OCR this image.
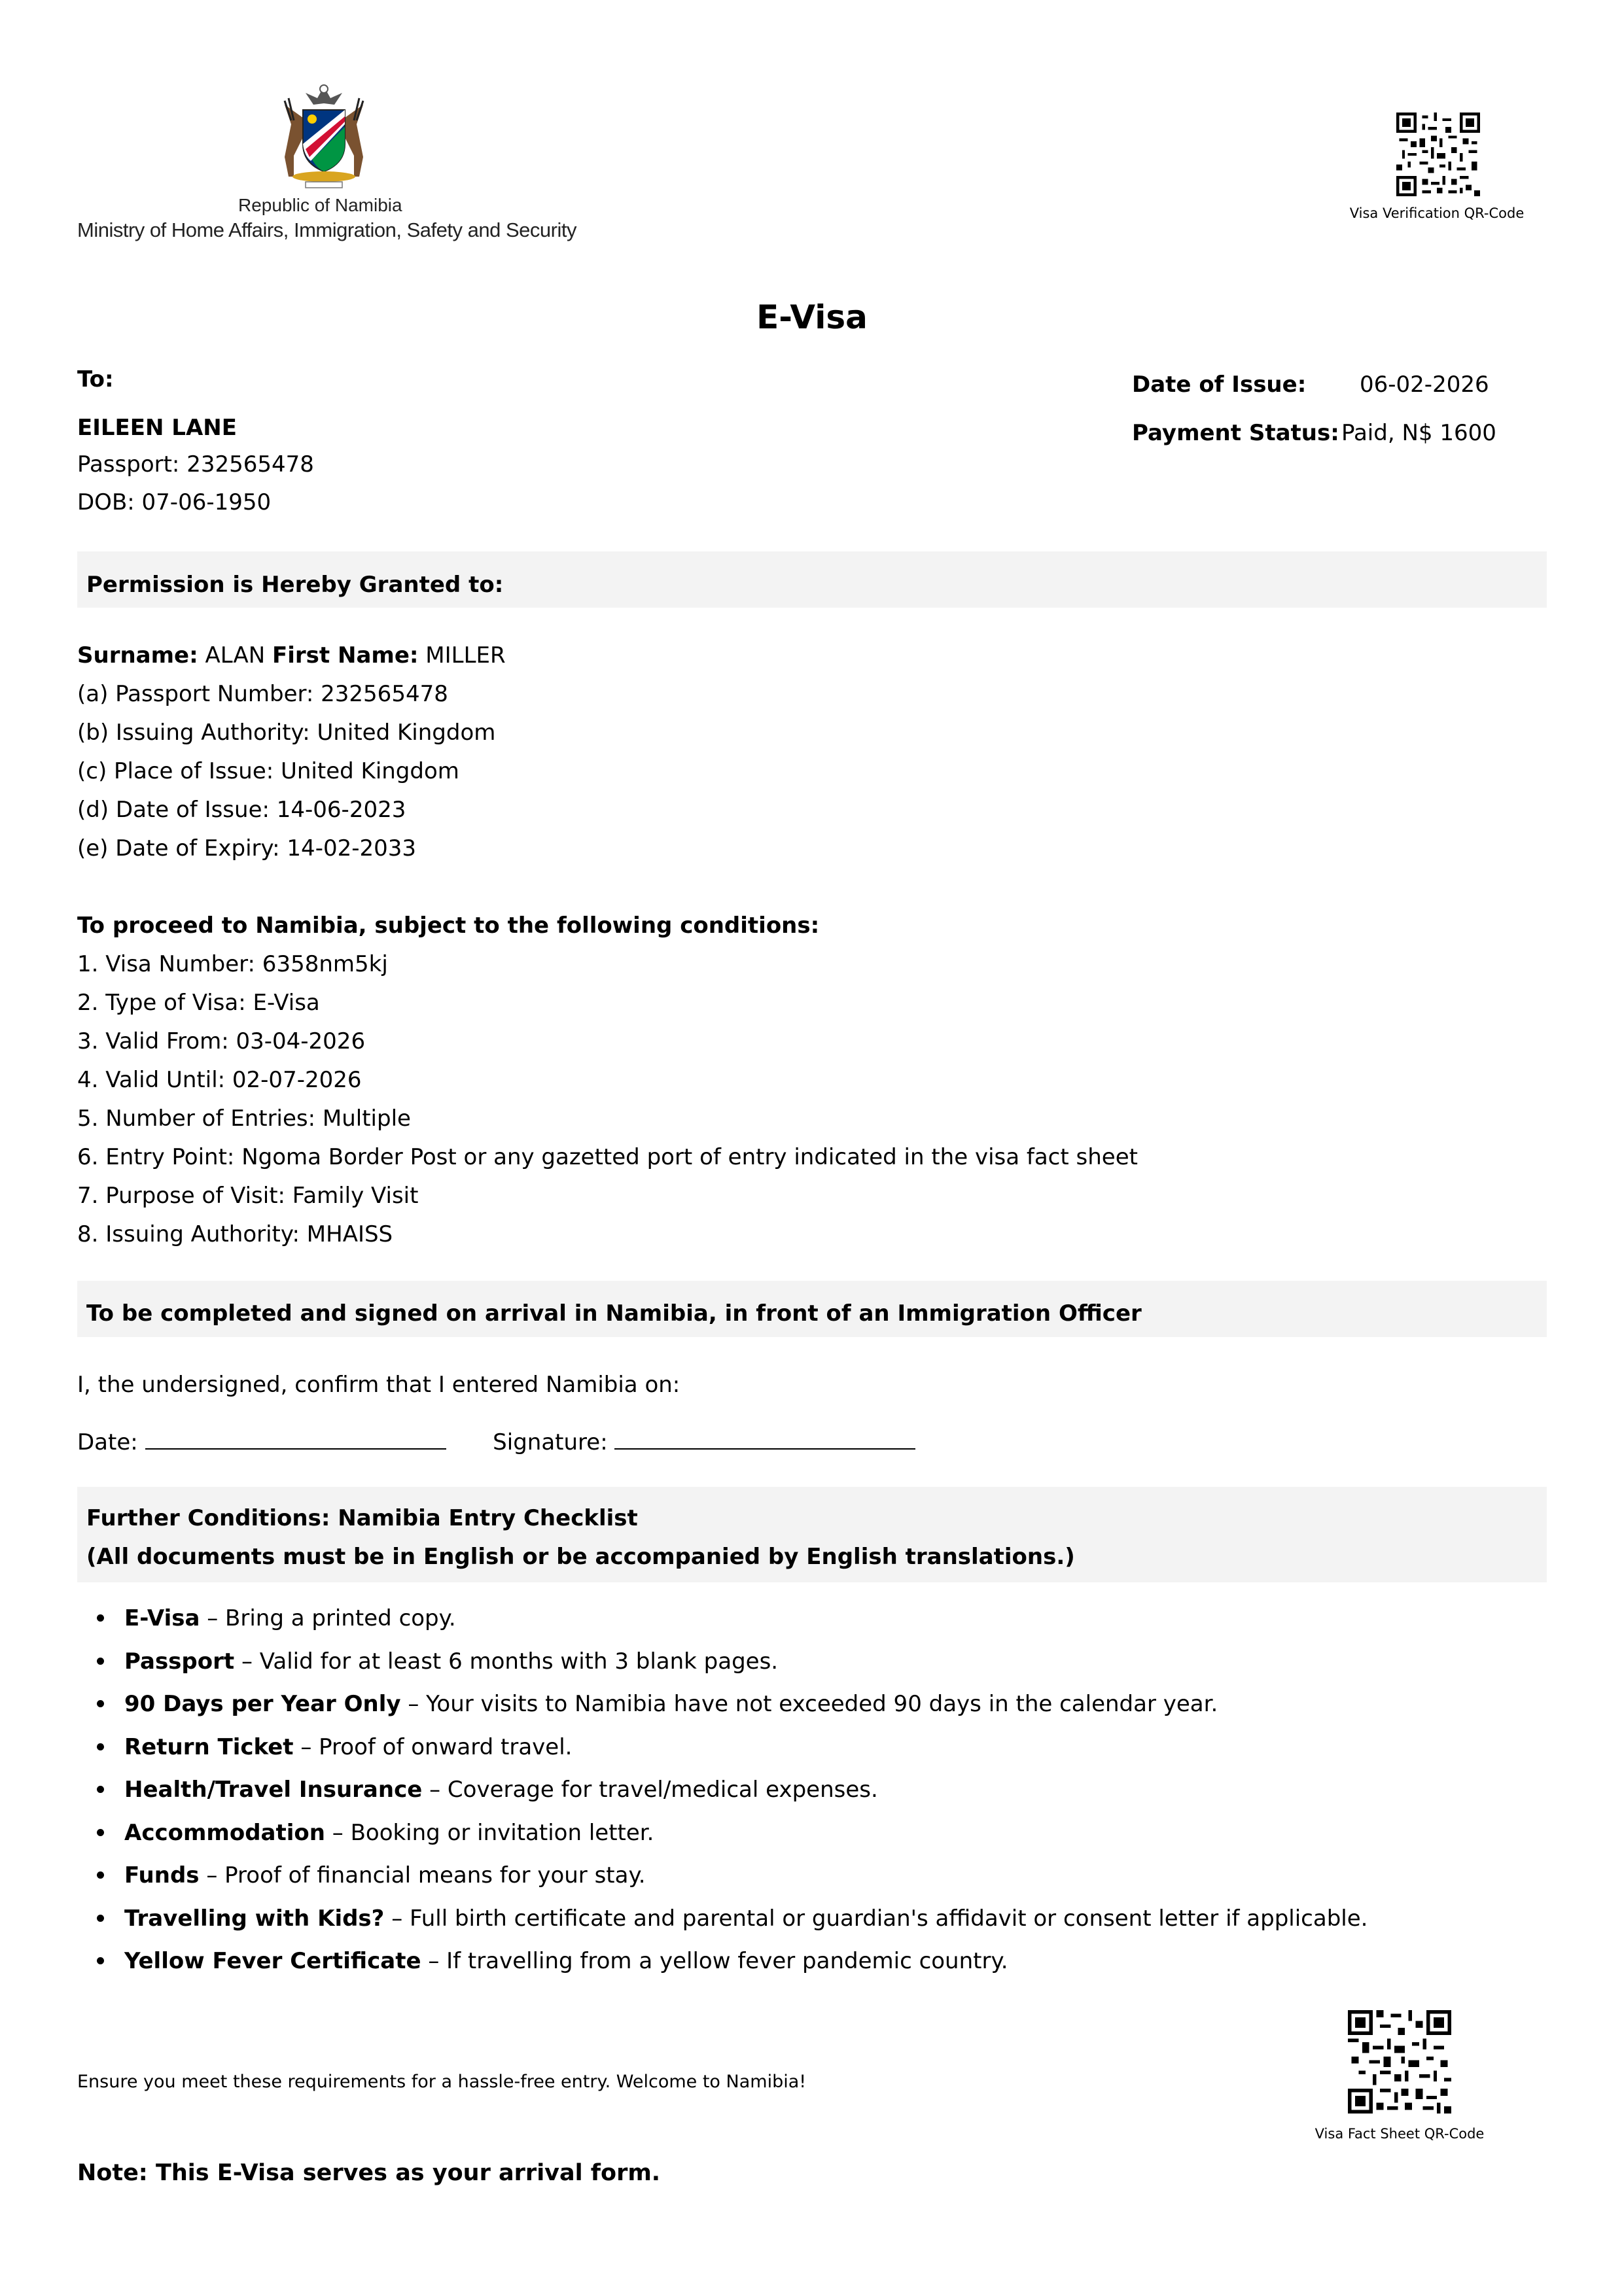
Republic of Namibia
Ministry of Home Affairs, Immigration, Safety and Security
Visa Verification QR-Code
E-Visa
To:
EILEEN LANE
Passport: 232565478
DOB: 07-06-1950
Date of Issue: 06-02-2026
Payment Status: Paid, N$ 1600
Permission is Hereby Granted to:
Surname: ALAN First Name: MILLER
(a) Passport Number: 232565478
(b) Issuing Authority: United Kingdom
(c) Place of Issue: United Kingdom
(d) Date of Issue: 14-06-2023
(e) Date of Expiry: 14-02-2033
To proceed to Namibia, subject to the following conditions:
1. Visa Number: 6358nm5kj
2. Type of Visa: E-Visa
3. Valid From: 03-04-2026
4. Valid Until: 02-07-2026
5. Number of Entries: Multiple
6. Entry Point: Ngoma Border Post or any gazetted port of entry indicated in the visa fact sheet
7. Purpose of Visit: Family Visit
8. Issuing Authority: MHAISS
To be completed and signed on arrival in Namibia, in front of an Immigration Officer
I, the undersigned, confirm that I entered Namibia on:
Date:	Signature:
Further Conditions: Namibia Entry Checklist
(All documents must be in English or be accompanied by English translations.)
E-Visa – Bring a printed copy.
Passport – Valid for at least 6 months with 3 blank pages.
90 Days per Year Only – Your visits to Namibia have not exceeded 90 days in the calendar year.
Return Ticket – Proof of onward travel.
Health/Travel Insurance – Coverage for travel/medical expenses.
Accommodation – Booking or invitation letter.
Funds – Proof of financial means for your stay.
Travelling with Kids? – Full birth certificate and parental or guardian's affidavit or consent letter if applicable.
Yellow Fever Certificate – If travelling from a yellow fever pandemic country.
Ensure you meet these requirements for a hassle-free entry. Welcome to Namibia!
Visa Fact Sheet QR-Code
Note: This E-Visa serves as your arrival form.
